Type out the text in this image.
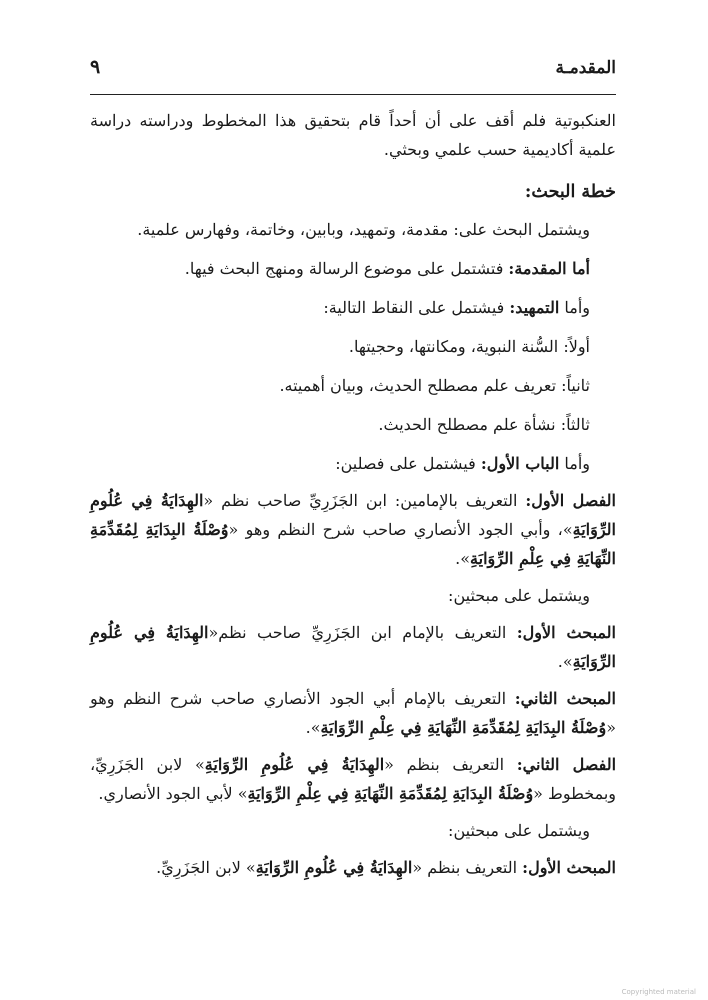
المقدمـة
٩

العنكبوتية فلم أقف على أن أحداً قام بتحقيق هذا المخطوط ودراسته دراسة علمية أكاديمية حسب علمي وبحثي.

خطة البحث:

ويشتمل البحث على: مقدمة، وتمهيد، وبابين، وخاتمة، وفهارس علمية.

أما المقدمة: فتشتمل على موضوع الرسالة ومنهج البحث فيها.

وأما التمهيد: فيشتمل على النقاط التالية:

أولاً: السُّنة النبوية، ومكانتها، وحجيتها.

ثانياً: تعريف علم مصطلح الحديث، وبيان أهميته.

ثالثاً: نشأة علم مصطلح الحديث.

وأما الباب الأول: فيشتمل على فصلين:

الفصل الأول: التعريف بالإمامين: ابن الجَزَرِيِّ صاحب نظم «الهِدَايَةُ فِي عُلُومِ الرِّوَايَةِ»، وأبي الجود الأنصاري صاحب شرح النظم وهو «وُصْلَةُ البِدَايَةِ لِمُقَدِّمَةِ النِّهَايَةِ فِي عِلْمِ الرِّوَايَةِ».

ويشتمل على مبحثين:

المبحث الأول: التعريف بالإمام ابن الجَزَرِيِّ صاحب نظم«الهِدَايَةُ فِي عُلُومِ الرِّوَايَةِ».

المبحث الثاني: التعريف بالإمام أبي الجود الأنصاري صاحب شرح النظم وهو «وُصْلَةُ البِدَايَةِ لِمُقَدِّمَةِ النِّهَايَةِ فِي عِلْمِ الرِّوَايَةِ».

الفصل الثاني: التعريف بنظم «الهِدَايَةُ فِي عُلُومِ الرِّوَايَةِ» لابن الجَزَرِيِّ، وبمخطوط «وُصْلَةُ البِدَايَةِ لِمُقَدِّمَةِ النِّهَايَةِ فِي عِلْمِ الرِّوَايَةِ» لأبي الجود الأنصاري.

ويشتمل على مبحثين:

المبحث الأول: التعريف بنظم «الهِدَايَةُ فِي عُلُومِ الرِّوَايَةِ» لابن الجَزَرِيِّ.

Copyrighted material
